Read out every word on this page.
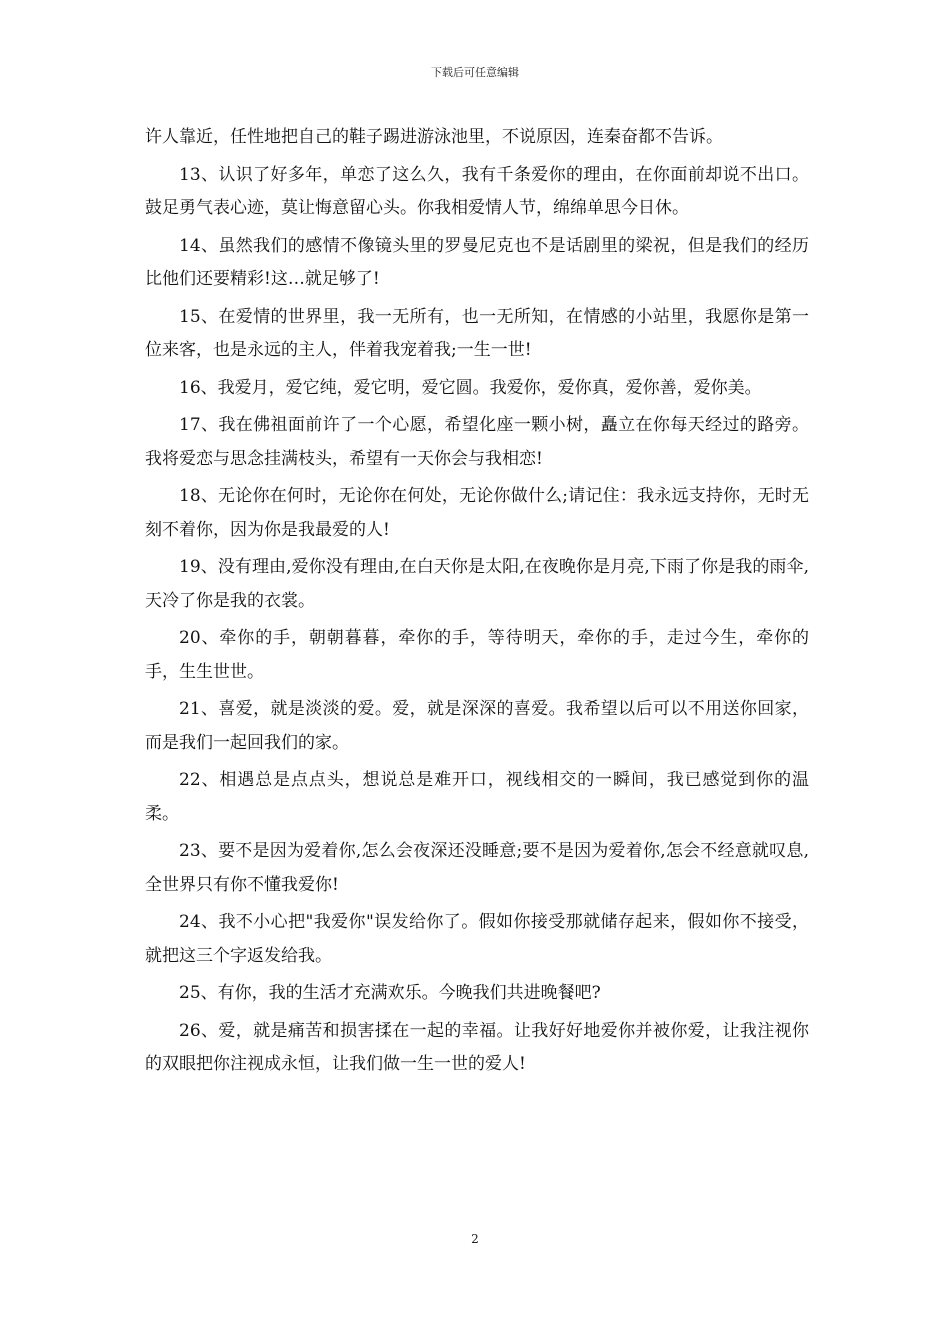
下载后可任意编辑

许人靠近，任性地把自己的鞋子踢进游泳池里，不说原因，连秦奋都不告诉。

13、认识了好多年，单恋了这么久，我有千条爱你的理由，在你面前却说不出口。鼓足勇气表心迹，莫让悔意留心头。你我相爱情人节，绵绵单思今日休。

14、虽然我们的感情不像镜头里的罗曼尼克也不是话剧里的梁祝，但是我们的经历比他们还要精彩!这…就足够了!

15、在爱情的世界里，我一无所有，也一无所知，在情感的小站里，我愿你是第一位来客，也是永远的主人，伴着我宠着我;一生一世!

16、我爱月，爱它纯，爱它明，爱它圆。我爱你，爱你真，爱你善，爱你美。

17、我在佛祖面前许了一个心愿，希望化座一颗小树，矗立在你每天经过的路旁。我将爱恋与思念挂满枝头，希望有一天你会与我相恋!

18、无论你在何时，无论你在何处，无论你做什么;请记住：我永远支持你，无时无刻不着你，因为你是我最爱的人!

19、没有理由,爱你没有理由,在白天你是太阳,在夜晚你是月亮,下雨了你是我的雨伞,天冷了你是我的衣裳。

20、牵你的手，朝朝暮暮，牵你的手，等待明天，牵你的手，走过今生，牵你的手，生生世世。

21、喜爱，就是淡淡的爱。爱，就是深深的喜爱。我希望以后可以不用送你回家，而是我们一起回我们的家。

22、相遇总是点点头，想说总是难开口，视线相交的一瞬间，我已感觉到你的温柔。

23、要不是因为爱着你,怎么会夜深还没睡意;要不是因为爱着你,怎会不经意就叹息,全世界只有你不懂我爱你!

24、我不小心把"我爱你"误发给你了。假如你接受那就储存起来，假如你不接受，就把这三个字返发给我。

25、有你，我的生活才充满欢乐。今晚我们共进晚餐吧?

26、爱，就是痛苦和损害揉在一起的幸福。让我好好地爱你并被你爱，让我注视你的双眼把你注视成永恒，让我们做一生一世的爱人!

2
